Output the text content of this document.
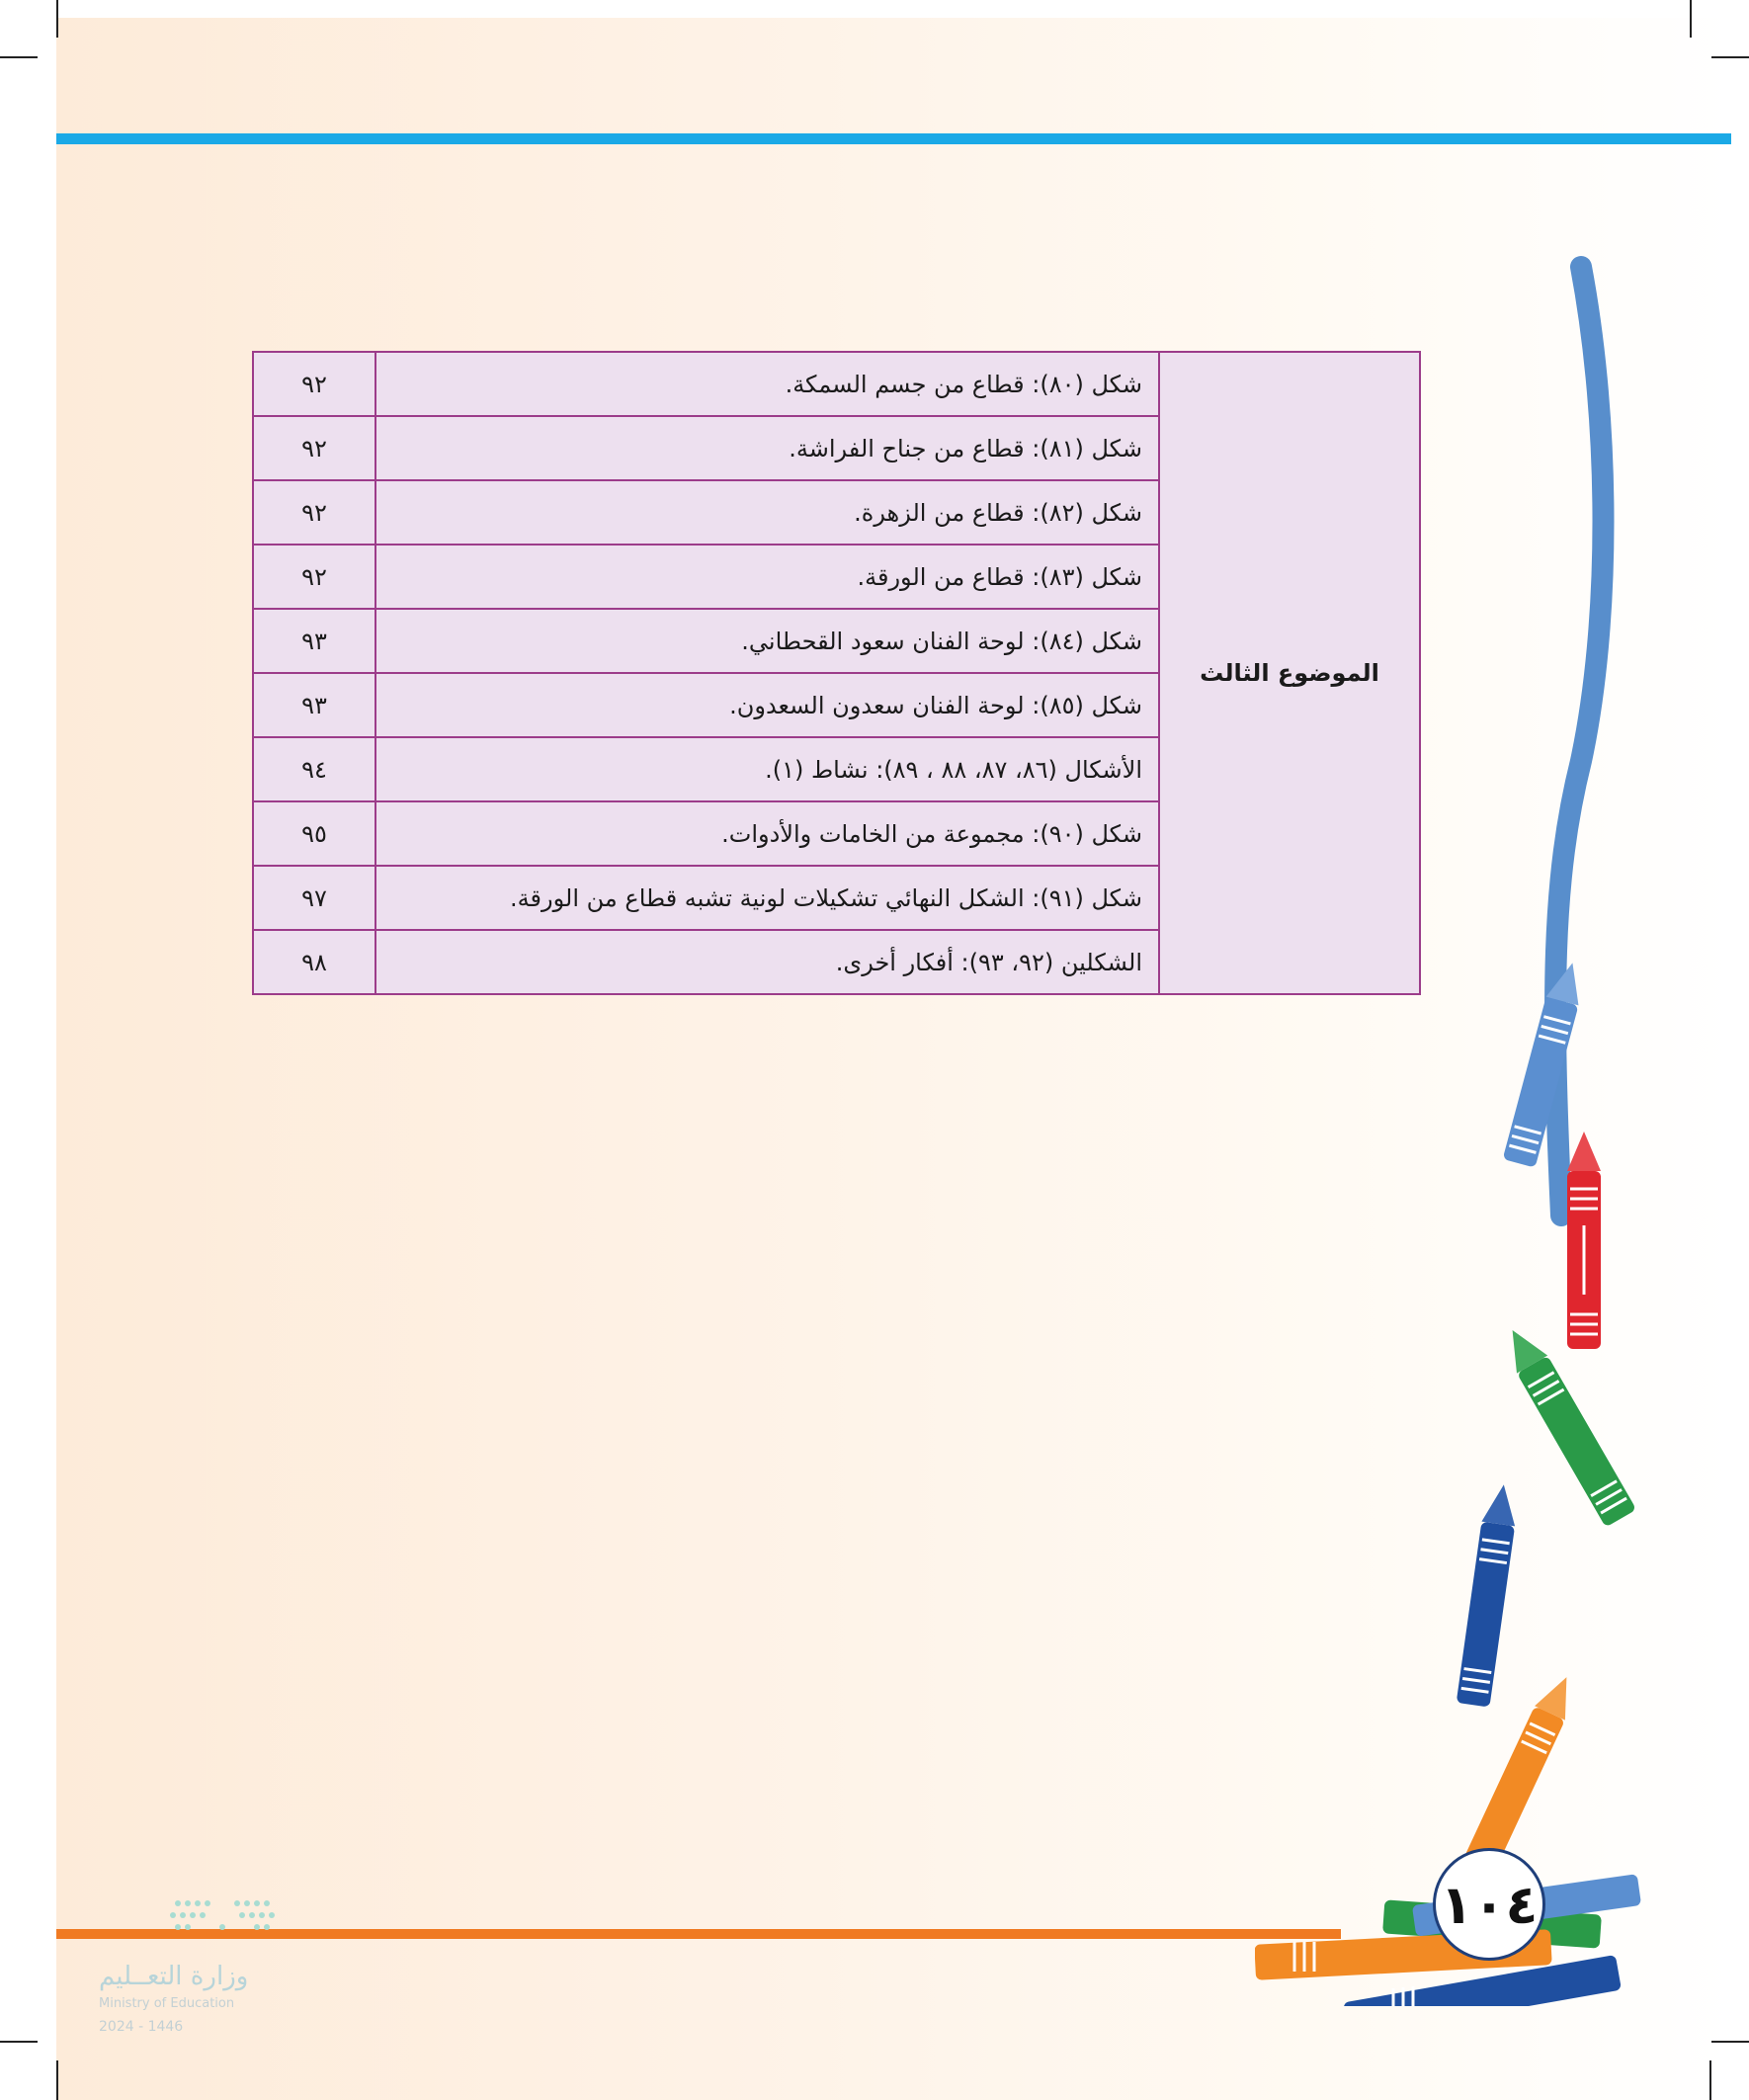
الموضوع الثالث	شكل (٨٠): قطاع من جسم السمكة.	٩٢
	شكل (٨١): قطاع من جناح الفراشة.	٩٢
	شكل (٨٢): قطاع من الزهرة.	٩٢
	شكل (٨٣): قطاع من الورقة.	٩٢
	شكل (٨٤): لوحة الفنان سعود القحطاني.	٩٣
	شكل (٨٥): لوحة الفنان سعدون السعدون.	٩٣
	الأشكال (٨٦، ٨٧، ٨٨ ، ٨٩): نشاط (١).	٩٤
	شكل (٩٠): مجموعة من الخامات والأدوات.	٩٥
	شكل (٩١): الشكل النهائي تشكيلات لونية تشبه قطاع من الورقة.	٩٧
	الشكلين (٩٢، ٩٣): أفكار أخرى.	٩٨
١٠٤
وزارة التعــليم
Ministry of Education
2024 - 1446
